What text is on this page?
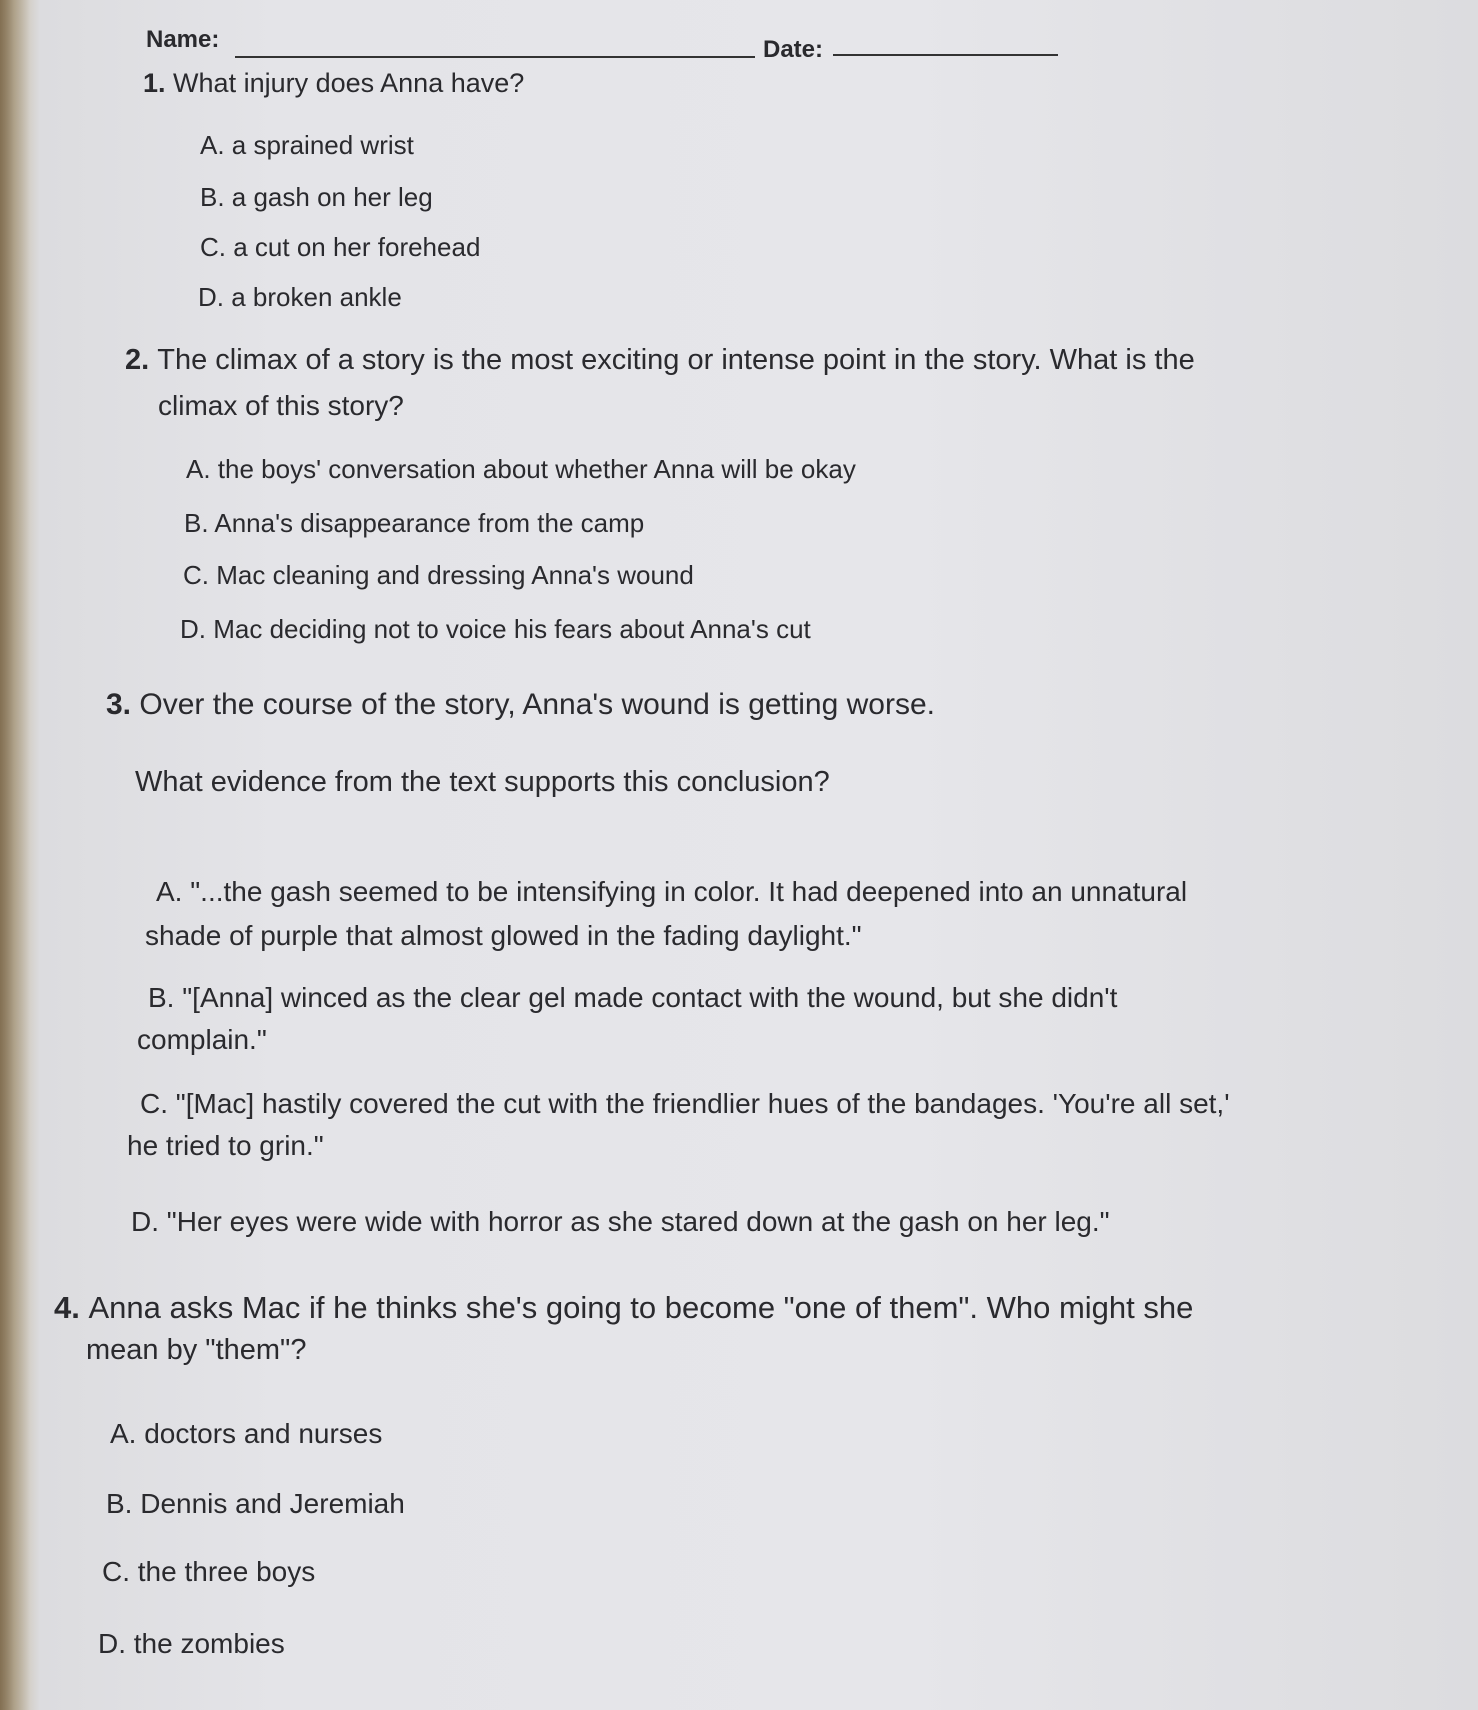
Name:	Date:
1. What injury does Anna have?
A. a sprained wrist
B. a gash on her leg
C. a cut on her forehead
D. a broken ankle
2. The climax of a story is the most exciting or intense point in the story. What is the
climax of this story?
A. the boys' conversation about whether Anna will be okay
B. Anna's disappearance from the camp
C. Mac cleaning and dressing Anna's wound
D. Mac deciding not to voice his fears about Anna's cut
3. Over the course of the story, Anna's wound is getting worse.
What evidence from the text supports this conclusion?
A. "...the gash seemed to be intensifying in color. It had deepened into an unnatural
shade of purple that almost glowed in the fading daylight."
B. "[Anna] winced as the clear gel made contact with the wound, but she didn't
complain."
C. "[Mac] hastily covered the cut with the friendlier hues of the bandages. 'You're all set,'
he tried to grin."
D. "Her eyes were wide with horror as she stared down at the gash on her leg."
4. Anna asks Mac if he thinks she's going to become "one of them". Who might she
mean by "them"?
A. doctors and nurses
B. Dennis and Jeremiah
C. the three boys
D. the zombies
